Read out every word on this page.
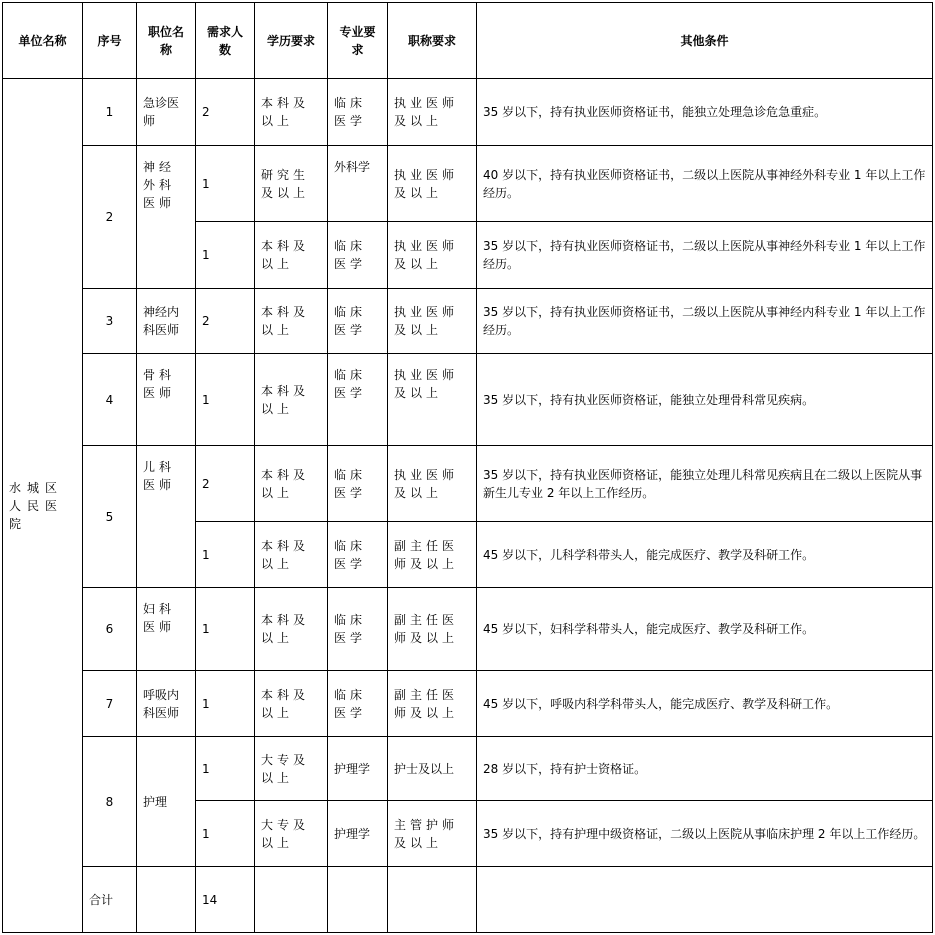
单位名称	序号	职位名称	需求人数	学历要求	专业要求	职称要求	其他条件
水城区人民医院	1	急诊医师	2	本科及以上	临床医学	执业医师及以上	35 岁以下，持有执业医师资格证书，能独立处理急诊危急重症。
	2	神经外科医师	1	研究生及以上	外科学	执业医师及以上	40 岁以下，持有执业医师资格证书，二级以上医院从事神经外科专业 1 年以上工作经历。
			1	本科及以上	临床医学	执业医师及以上	35 岁以下，持有执业医师资格证书，二级以上医院从事神经外科专业 1 年以上工作经历。
	3	神经内科医师	2	本科及以上	临床医学	执业医师及以上	35 岁以下，持有执业医师资格证书，二级以上医院从事神经内科专业 1 年以上工作经历。
	4	骨科医师	1	本科及以上	临床医学	执业医师及以上	35 岁以下，持有执业医师资格证，能独立处理骨科常见疾病。
	5	儿科医师	2	本科及以上	临床医学	执业医师及以上	35 岁以下，持有执业医师资格证，能独立处理儿科常见疾病且在二级以上医院从事新生儿专业 2 年以上工作经历。
			1	本科及以上	临床医学	副主任医师及以上	45 岁以下，儿科学科带头人，能完成医疗、教学及科研工作。
	6	妇科医师	1	本科及以上	临床医学	副主任医师及以上	45 岁以下，妇科学科带头人，能完成医疗、教学及科研工作。
	7	呼吸内科医师	1	本科及以上	临床医学	副主任医师及以上	45 岁以下，呼吸内科学科带头人，能完成医疗、教学及科研工作。
	8	护理	1	大专及以上	护理学	护士及以上	28 岁以下，持有护士资格证。
			1	大专及以上	护理学	主管护师及以上	35 岁以下，持有护理中级资格证，二级以上医院从事临床护理 2 年以上工作经历。
	合计		14				
